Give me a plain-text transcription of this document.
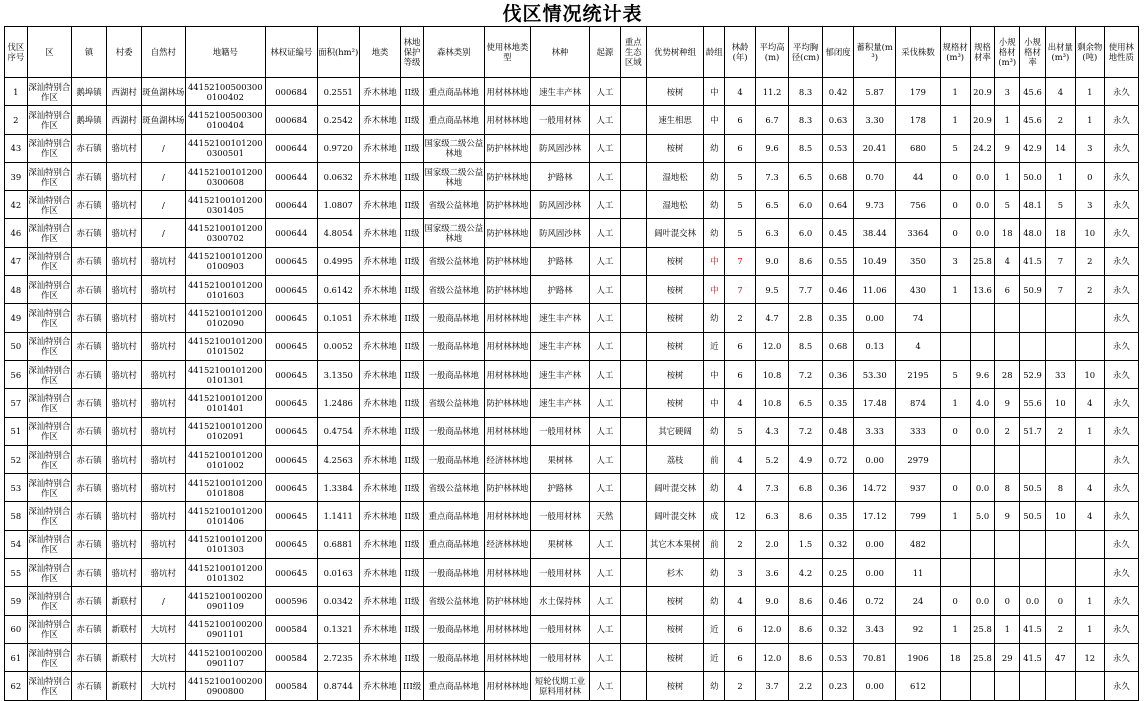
伐区情况统计表
伐区序号	区	镇	村委	自然村	地籍号	林权证编号	面积(hm²)	地类	林地保护等级	森林类别	使用林地类型	林种	起源	重点生态区域	优势树种组	龄组	林龄(年)	平均高(m)	平均胸径(cm)	郁闭度	蓄积量(m³)	采伐株数	规格材(m³)	规格材率	小规格材(m³)	小规格材率	出材量(m³)	剩余物(吨)	使用林地性质
1	深汕特别合作区	鹅埠镇	西湖村	斑鱼湖林场	441521005003000100402	000684	0.2551	乔木林地	II级	重点商品林地	用材林林地	速生丰产林	人工		桉树	中	4	11.2	8.3	0.42	5.87	179	1	20.9	3	45.6	4	1	永久
2	深汕特别合作区	鹅埠镇	西湖村	斑鱼湖林场	441521005003000100404	000684	0.2542	乔木林地	II级	重点商品林地	用材林林地	一般用材林	人工		速生相思	中	6	6.7	8.3	0.63	3.30	178	1	20.9	1	45.6	2	1	永久
43	深汕特别合作区	赤石镇	骆坑村	/	441521001012000300501	000644	0.9720	乔木林地	II级	国家级二级公益林地	防护林林地	防风固沙林	人工		桉树	幼	6	9.6	8.5	0.53	20.41	680	5	24.2	9	42.9	14	3	永久
39	深汕特别合作区	赤石镇	骆坑村	/	441521001012000300608	000644	0.0632	乔木林地	II级	国家级二级公益林地	防护林林地	护路林	人工		湿地松	幼	5	7.3	6.5	0.68	0.70	44	0	0.0	1	50.0	1	0	永久
42	深汕特别合作区	赤石镇	骆坑村	/	441521001012000301405	000644	1.0807	乔木林地	II级	省级公益林地	防护林林地	防风固沙林	人工		湿地松	幼	5	6.5	6.0	0.64	9.73	756	0	0.0	5	48.1	5	3	永久
46	深汕特别合作区	赤石镇	骆坑村	/	441521001012000300702	000644	4.8054	乔木林地	II级	国家级二级公益林地	防护林林地	防风固沙林	人工		阔叶混交林	幼	5	6.3	6.0	0.45	38.44	3364	0	0.0	18	48.0	18	10	永久
47	深汕特别合作区	赤石镇	骆坑村	骆坑村	441521001012000100903	000645	0.4995	乔木林地	II级	省级公益林地	防护林林地	护路林	人工		桉树	中	7	9.0	8.6	0.55	10.49	350	3	25.8	4	41.5	7	2	永久
48	深汕特别合作区	赤石镇	骆坑村	骆坑村	441521001012000101603	000645	0.6142	乔木林地	II级	省级公益林地	防护林林地	护路林	人工		桉树	中	7	9.5	7.7	0.46	11.06	430	1	13.6	6	50.9	7	2	永久
49	深汕特别合作区	赤石镇	骆坑村	骆坑村	441521001012000102090	000645	0.1051	乔木林地	II级	一般商品林地	用材林林地	速生丰产林	人工		桉树	幼	2	4.7	2.8	0.35	0.00	74							永久
50	深汕特别合作区	赤石镇	骆坑村	骆坑村	441521001012000101502	000645	0.0052	乔木林地	II级	一般商品林地	用材林林地	速生丰产林	人工		桉树	近	6	12.0	8.5	0.68	0.13	4							永久
56	深汕特别合作区	赤石镇	骆坑村	骆坑村	441521001012000101301	000645	3.1350	乔木林地	II级	一般商品林地	用材林林地	速生丰产林	人工		桉树	中	6	10.8	7.2	0.36	53.30	2195	5	9.6	28	52.9	33	10	永久
57	深汕特别合作区	赤石镇	骆坑村	骆坑村	441521001012000101401	000645	1.2486	乔木林地	II级	省级公益林地	防护林林地	速生丰产林	人工		桉树	中	4	10.8	6.5	0.35	17.48	874	1	4.0	9	55.6	10	4	永久
51	深汕特别合作区	赤石镇	骆坑村	骆坑村	441521001012000102091	000645	0.4754	乔木林地	II级	一般商品林地	用材林林地	一般用材林	人工		其它硬阔	幼	5	4.3	7.2	0.48	3.33	333	0	0.0	2	51.7	2	1	永久
52	深汕特别合作区	赤石镇	骆坑村	骆坑村	441521001012000101002	000645	4.2563	乔木林地	II级	一般商品林地	经济林林地	果树林	人工		荔枝	前	4	5.2	4.9	0.72	0.00	2979							永久
53	深汕特别合作区	赤石镇	骆坑村	骆坑村	441521001012000101808	000645	1.3384	乔木林地	II级	省级公益林地	防护林林地	护路林	人工		阔叶混交林	幼	4	7.3	6.8	0.36	14.72	937	0	0.0	8	50.5	8	4	永久
58	深汕特别合作区	赤石镇	骆坑村	骆坑村	441521001012000101406	000645	1.1411	乔木林地	II级	重点商品林地	用材林林地	一般用材林	天然		阔叶混交林	成	12	6.3	8.6	0.35	17.12	799	1	5.0	9	50.5	10	4	永久
54	深汕特别合作区	赤石镇	骆坑村	骆坑村	441521001012000101303	000645	0.6881	乔木林地	II级	重点商品林地	经济林林地	果树林	人工		其它木本果树	前	2	2.0	1.5	0.32	0.00	482							永久
55	深汕特别合作区	赤石镇	骆坑村	骆坑村	441521001012000101302	000645	0.0163	乔木林地	II级	一般商品林地	用材林林地	一般用材林	人工		杉木	幼	3	3.6	4.2	0.25	0.00	11							永久
59	深汕特别合作区	赤石镇	新联村	/	441521001002000901109	000596	0.0342	乔木林地	II级	省级公益林地	防护林林地	水土保持林	人工		桉树	幼	4	9.0	8.6	0.46	0.72	24	0	0.0	0	0.0	0	1	永久
60	深汕特别合作区	赤石镇	新联村	大坑村	441521001002000901101	000584	0.1321	乔木林地	II级	一般商品林地	用材林林地	一般用材林	人工		桉树	近	6	12.0	8.6	0.32	3.43	92	1	25.8	1	41.5	2	1	永久
61	深汕特别合作区	赤石镇	新联村	大坑村	441521001002000901107	000584	2.7235	乔木林地	II级	一般商品林地	用材林林地	一般用材林	人工		桉树	近	6	12.0	8.6	0.53	70.81	1906	18	25.8	29	41.5	47	12	永久
62	深汕特别合作区	赤石镇	新联村	大坑村	441521001002000900800	000584	0.8744	乔木林地	III级	重点商品林地	用材林林地	短轮伐期工业原料用材林	人工		桉树	幼	2	3.7	2.2	0.23	0.00	612							永久
